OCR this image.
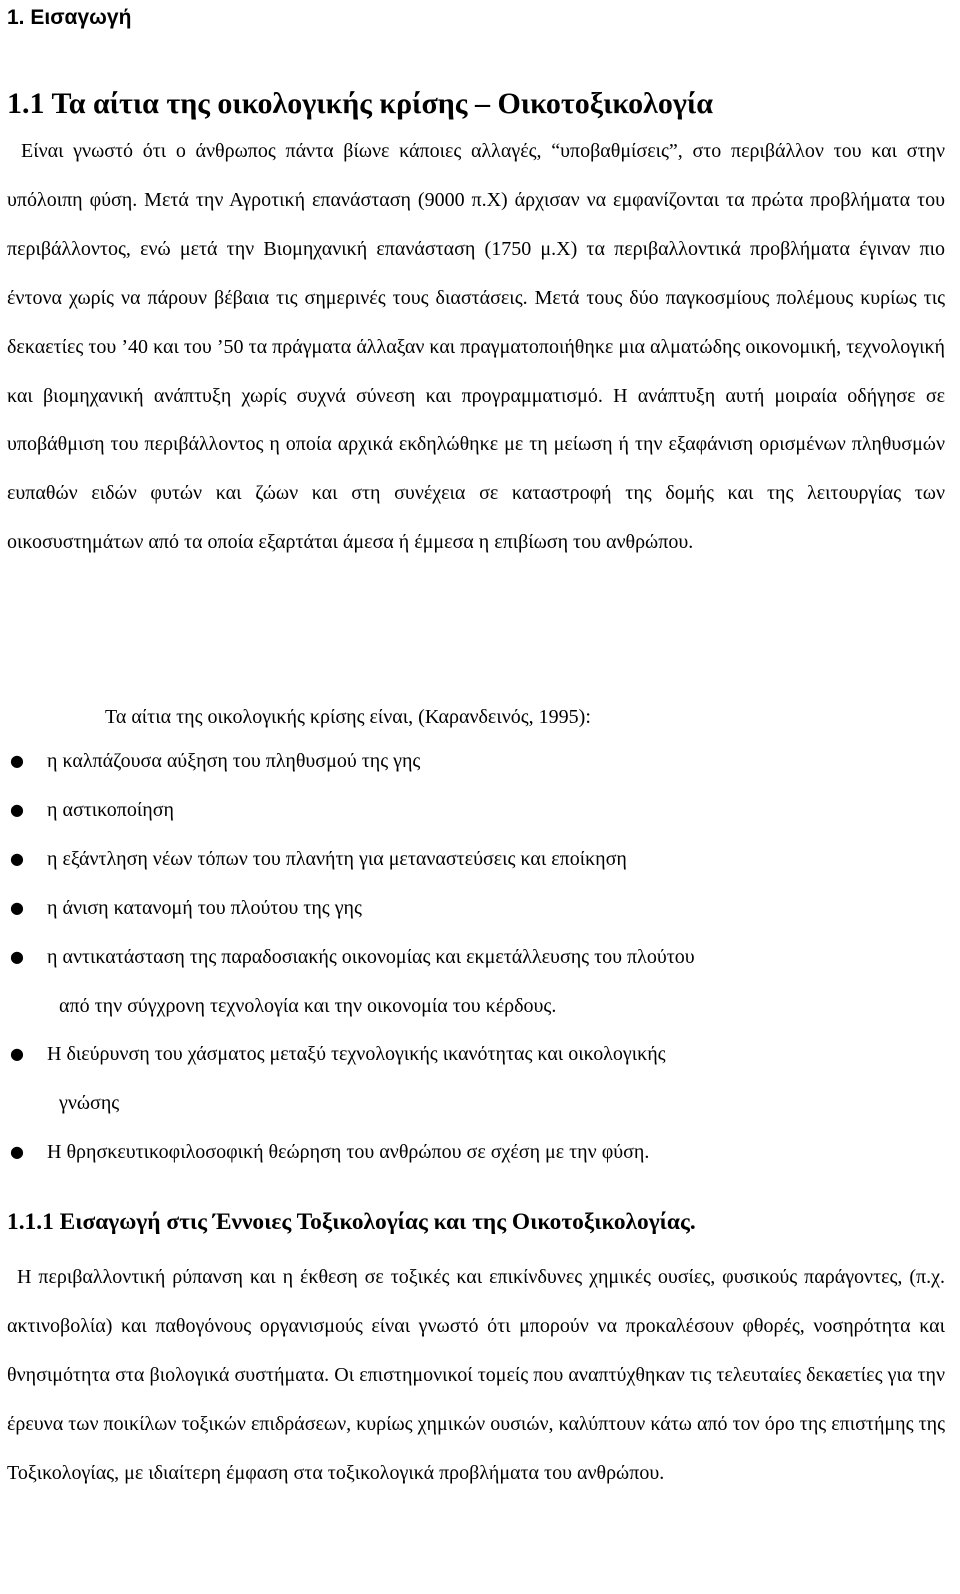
1. Εισαγωγή
1.1 Τα αίτια της οικολογικής κρίσης – Οικοτοξικολογία

Είναι γνωστό ότι ο άνθρωπος πάντα βίωνε κάποιες αλλαγές, “υποβαθμίσεις”, στο περιβάλλον του και στην υπόλοιπη φύση. Μετά την Αγροτική επανάσταση (9000 π.Χ) άρχισαν να εμφανίζονται τα πρώτα προβλήματα του περιβάλλοντος, ενώ μετά την Βιομηχανική επανάσταση (1750 μ.Χ) τα περιβαλλοντικά προβλήματα έγιναν πιο έντονα χωρίς να πάρουν βέβαια τις σημερινές τους διαστάσεις. Μετά τους δύο παγκοσμίους πολέμους κυρίως τις δεκαετίες του ’40 και του ’50 τα πράγματα άλλαξαν και πραγματοποιήθηκε μια αλματώδης οικονομική, τεχνολογική και βιομηχανική ανάπτυξη χωρίς συχνά σύνεση και προγραμματισμό. Η ανάπτυξη αυτή μοιραία οδήγησε σε υποβάθμιση του περιβάλλοντος η οποία αρχικά εκδηλώθηκε με τη μείωση ή την εξαφάνιση ορισμένων πληθυσμών ευπαθών ειδών φυτών και ζώων και στη συνέχεια σε καταστροφή της δομής και της λειτουργίας των οικοσυστημάτων από τα οποία εξαρτάται άμεσα ή έμμεσα η επιβίωση του ανθρώπου.

Τα αίτια της οικολογικής κρίσης είναι, (Καρανδεινός, 1995):

● η καλπάζουσα αύξηση του πληθυσμού της γης
● η αστικοποίηση
● η εξάντληση νέων τόπων του πλανήτη για μεταναστεύσεις και εποίκηση
● η άνιση κατανομή του πλούτου της γης
● η αντικατάσταση της παραδοσιακής οικονομίας και εκμετάλλευσης του πλούτου
από την σύγχρονη τεχνολογία και την οικονομία του κέρδους.
● Η διεύρυνση του χάσματος μεταξύ τεχνολογικής ικανότητας και οικολογικής
γνώσης
● Η θρησκευτικοφιλοσοφική θεώρηση του ανθρώπου σε σχέση με την φύση.
1.1.1 Εισαγωγή στις Έννοιες Τοξικολογίας και της Οικοτοξικολογίας.

Η περιβαλλοντική ρύπανση και η έκθεση σε τοξικές και επικίνδυνες χημικές ουσίες, φυσικούς παράγοντες, (π.χ. ακτινοβολία) και παθογόνους οργανισμούς είναι γνωστό ότι μπορούν να προκαλέσουν φθορές, νοσηρότητα και θνησιμότητα στα βιολογικά συστήματα. Οι επιστημονικοί τομείς που αναπτύχθηκαν τις τελευταίες δεκαετίες για την έρευνα των ποικίλων τοξικών επιδράσεων, κυρίως χημικών ουσιών, καλύπτουν κάτω από τον όρο της επιστήμης της Τοξικολογίας, με ιδιαίτερη έμφαση στα τοξικολογικά προβλήματα του ανθρώπου.
